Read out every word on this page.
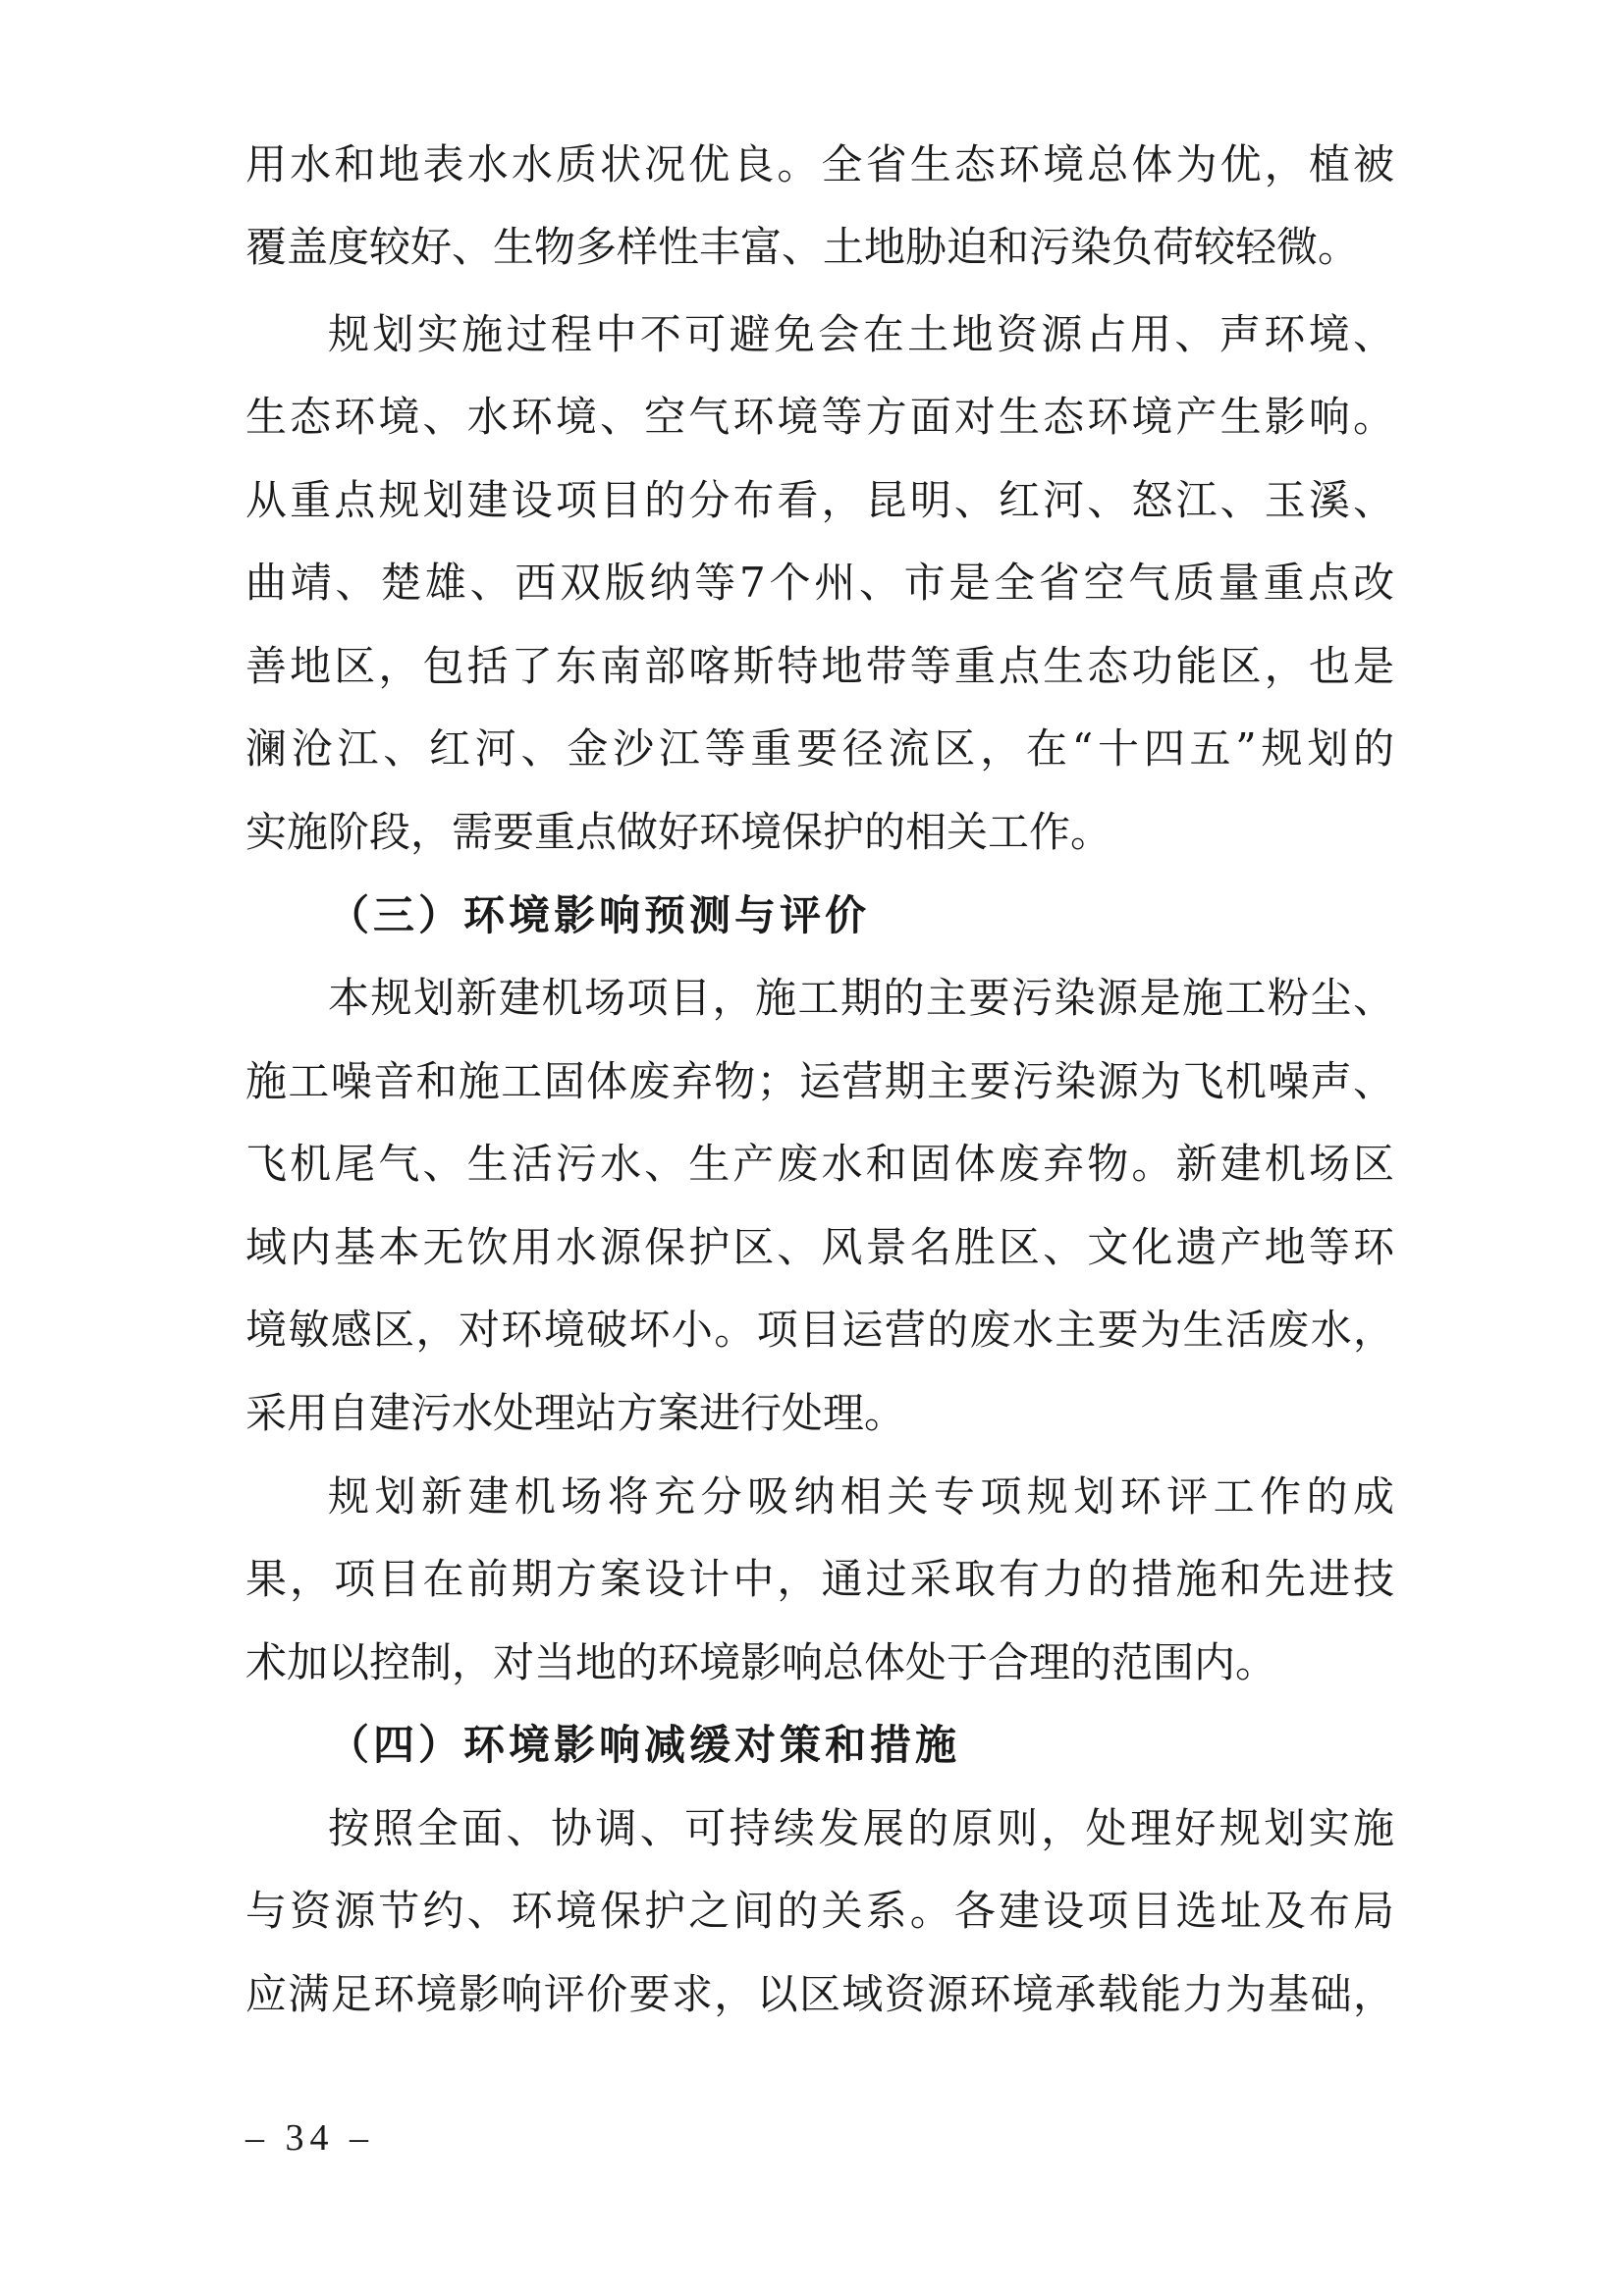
用水和地表水水质状况优良。全省生态环境总体为优，植被
覆盖度较好、生物多样性丰富、土地胁迫和污染负荷较轻微。
规划实施过程中不可避免会在土地资源占用、声环境、
生态环境、水环境、空气环境等方面对生态环境产生影响。
从重点规划建设项目的分布看，昆明、红河、怒江、玉溪、
曲靖、楚雄、西双版纳等7个州、市是全省空气质量重点改
善地区，包括了东南部喀斯特地带等重点生态功能区，也是
澜沧江、红河、金沙江等重要径流区，在“十四五”规划的
实施阶段，需要重点做好环境保护的相关工作。
（三）环境影响预测与评价
本规划新建机场项目，施工期的主要污染源是施工粉尘、
施工噪音和施工固体废弃物；运营期主要污染源为飞机噪声、
飞机尾气、生活污水、生产废水和固体废弃物。新建机场区
域内基本无饮用水源保护区、风景名胜区、文化遗产地等环
境敏感区，对环境破坏小。项目运营的废水主要为生活废水，
采用自建污水处理站方案进行处理。
规划新建机场将充分吸纳相关专项规划环评工作的成
果，项目在前期方案设计中，通过采取有力的措施和先进技
术加以控制，对当地的环境影响总体处于合理的范围内。
（四）环境影响减缓对策和措施
按照全面、协调、可持续发展的原则，处理好规划实施
与资源节约、环境保护之间的关系。各建设项目选址及布局
应满足环境影响评价要求，以区域资源环境承载能力为基础，
– 34 –
